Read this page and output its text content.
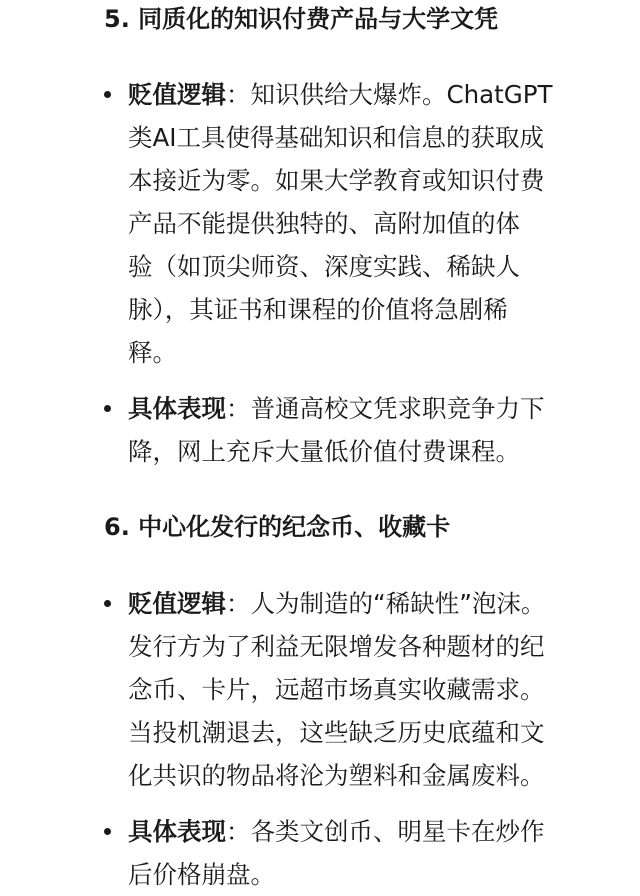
5. 同质化的知识付费产品与大学文凭

贬值逻辑：知识供给大爆炸。ChatGPT
类AI工具使得基础知识和信息的获取成
本接近为零。如果大学教育或知识付费
产品不能提供独特的、高附加值的体
验（如顶尖师资、深度实践、稀缺人
脉），其证书和课程的价值将急剧稀
释。

具体表现：普通高校文凭求职竞争力下
降，网上充斥大量低价值付费课程。

6. 中心化发行的纪念币、收藏卡

贬值逻辑：人为制造的“稀缺性”泡沫。
发行方为了利益无限增发各种题材的纪
念币、卡片，远超市场真实收藏需求。
当投机潮退去，这些缺乏历史底蕴和文
化共识的物品将沦为塑料和金属废料。

具体表现：各类文创币、明星卡在炒作
后价格崩盘。
